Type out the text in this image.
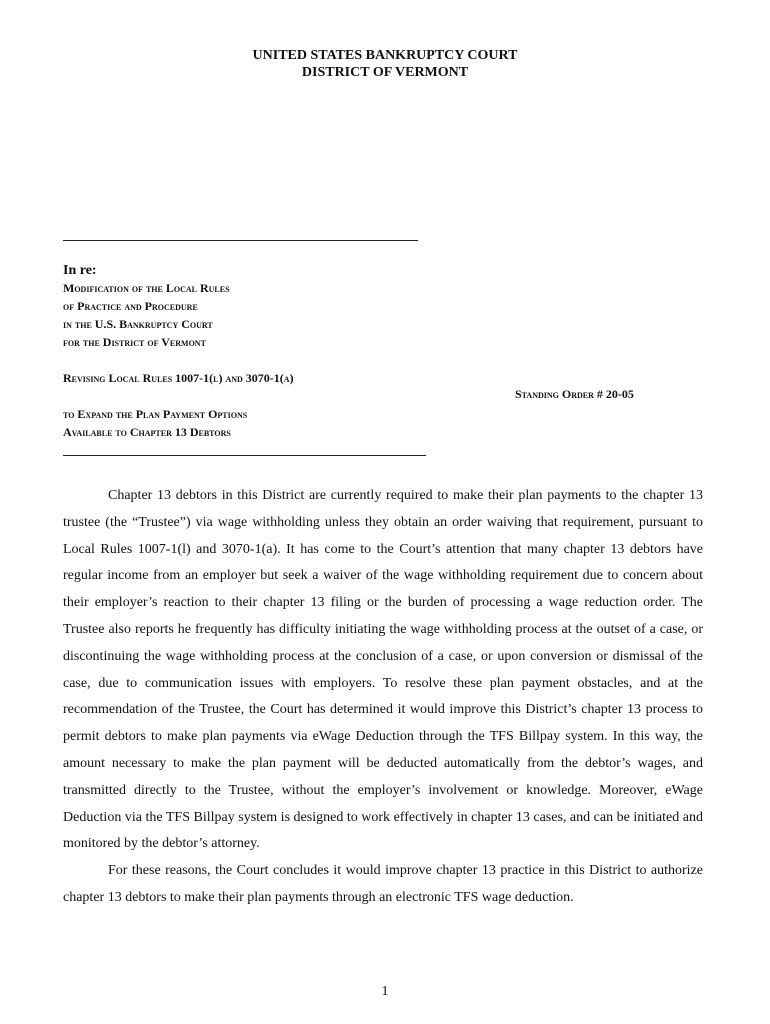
UNITED STATES BANKRUPTCY COURT
DISTRICT OF VERMONT
In re:
Modification of the Local Rules
of Practice and Procedure
in the U.S. Bankruptcy Court
for the District of Vermont
Revising Local Rules 1007-1(l) and 3070-1(a)
Standing Order # 20-05
to Expand the Plan Payment Options
Available to Chapter 13 Debtors

Chapter 13 debtors in this District are currently required to make their plan payments to the chapter 13 trustee (the “Trustee”) via wage withholding unless they obtain an order waiving that requirement, pursuant to Local Rules 1007-1(l) and 3070-1(a). It has come to the Court’s attention that many chapter 13 debtors have regular income from an employer but seek a waiver of the wage withholding requirement due to concern about their employer’s reaction to their chapter 13 filing or the burden of processing a wage reduction order. The Trustee also reports he frequently has difficulty initiating the wage withholding process at the outset of a case, or discontinuing the wage withholding process at the conclusion of a case, or upon conversion or dismissal of the case, due to communication issues with employers. To resolve these plan payment obstacles, and at the recommendation of the Trustee, the Court has determined it would improve this District’s chapter 13 process to permit debtors to make plan payments via eWage Deduction through the TFS Billpay system. In this way, the amount necessary to make the plan payment will be deducted automatically from the debtor’s wages, and transmitted directly to the Trustee, without the employer’s involvement or knowledge. Moreover, eWage Deduction via the TFS Billpay system is designed to work effectively in chapter 13 cases, and can be initiated and monitored by the debtor’s attorney.

For these reasons, the Court concludes it would improve chapter 13 practice in this District to authorize chapter 13 debtors to make their plan payments through an electronic TFS wage deduction.

1
